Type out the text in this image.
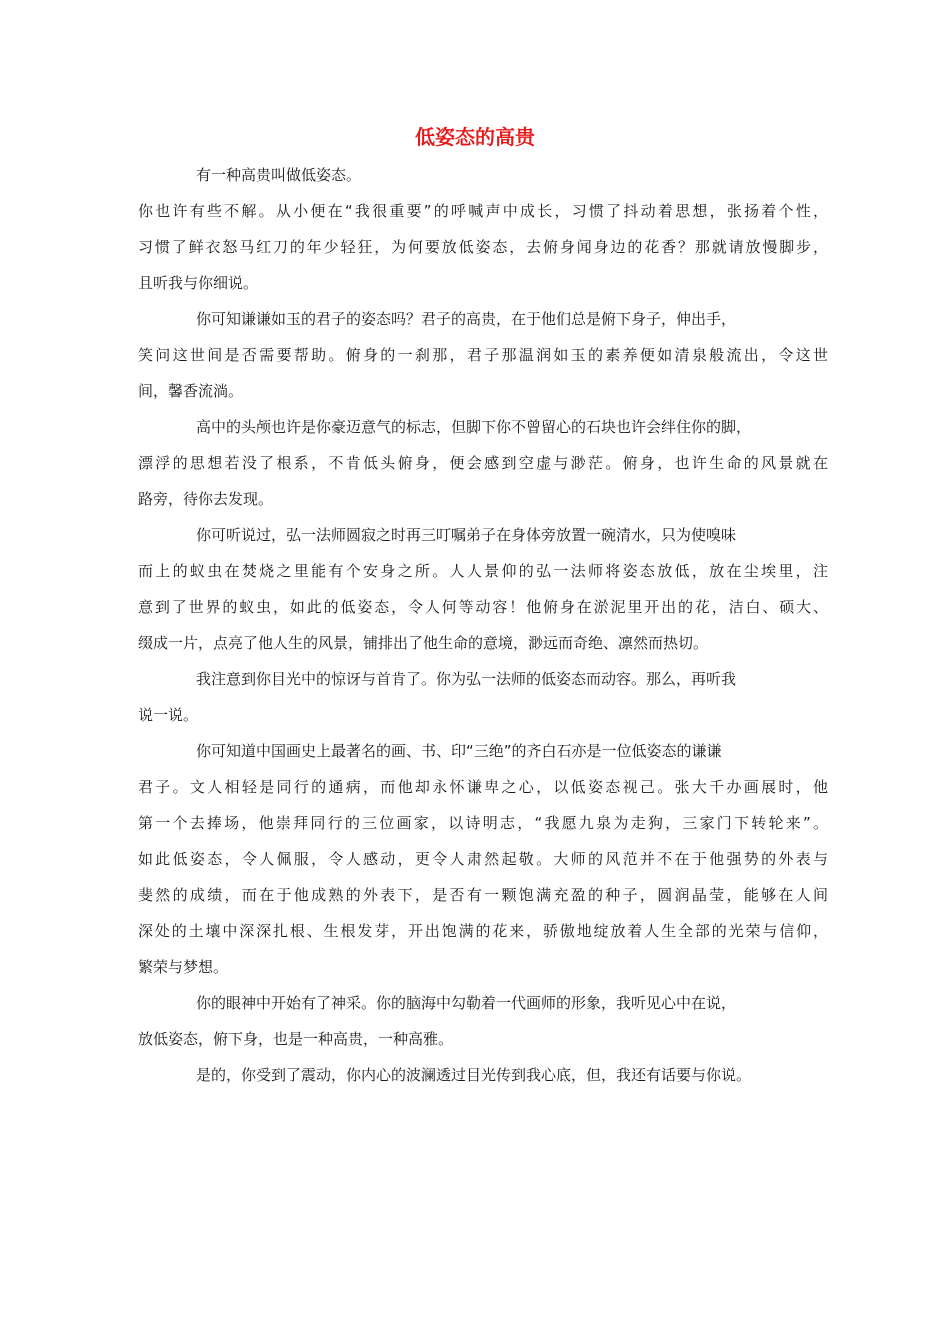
低姿态的高贵
有一种高贵叫做低姿态。
你也许有些不解。从小便在“我很重要”的呼喊声中成长，习惯了抖动着思想，张扬着个性，
习惯了鲜衣怒马红刀的年少轻狂，为何要放低姿态，去俯身闻身边的花香？那就请放慢脚步，
且听我与你细说。
你可知谦谦如玉的君子的姿态吗？君子的高贵，在于他们总是俯下身子，伸出手，
笑问这世间是否需要帮助。俯身的一刹那，君子那温润如玉的素养便如清泉般流出，令这世
间，馨香流淌。
高中的头颅也许是你豪迈意气的标志，但脚下你不曾留心的石块也许会绊住你的脚，
漂浮的思想若没了根系，不肯低头俯身，便会感到空虚与渺茫。俯身，也许生命的风景就在
路旁，待你去发现。
你可听说过，弘一法师圆寂之时再三叮嘱弟子在身体旁放置一碗清水，只为使嗅味
而上的蚁虫在焚烧之里能有个安身之所。人人景仰的弘一法师将姿态放低，放在尘埃里，注
意到了世界的蚁虫，如此的低姿态，令人何等动容！他俯身在淤泥里开出的花，洁白、硕大、
缀成一片，点亮了他人生的风景，铺排出了他生命的意境，渺远而奇绝、凛然而热切。
我注意到你目光中的惊讶与首肯了。你为弘一法师的低姿态而动容。那么，再听我
说一说。
你可知道中国画史上最著名的画、书、印“三绝”的齐白石亦是一位低姿态的谦谦
君子。文人相轻是同行的通病，而他却永怀谦卑之心，以低姿态视己。张大千办画展时，他
第一个去捧场，他崇拜同行的三位画家，以诗明志，“我愿九泉为走狗，三家门下转轮来”。
如此低姿态，令人佩服，令人感动，更令人肃然起敬。大师的风范并不在于他强势的外表与
斐然的成绩，而在于他成熟的外表下，是否有一颗饱满充盈的种子，圆润晶莹，能够在人间
深处的土壤中深深扎根、生根发芽，开出饱满的花来，骄傲地绽放着人生全部的光荣与信仰，
繁荣与梦想。
你的眼神中开始有了神采。你的脑海中勾勒着一代画师的形象，我听见心中在说，
放低姿态，俯下身，也是一种高贵，一种高雅。
是的，你受到了震动，你内心的波澜透过目光传到我心底，但，我还有话要与你说。
